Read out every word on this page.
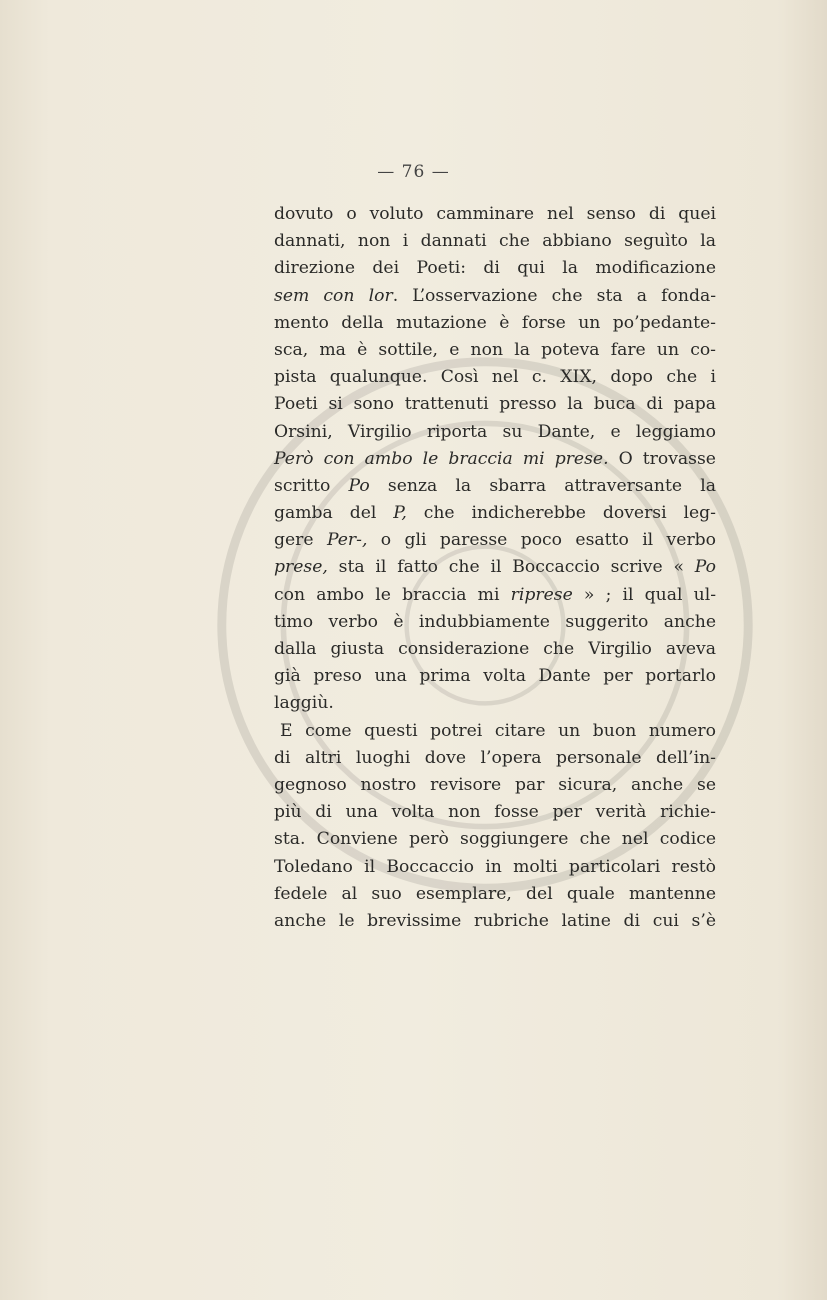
— 76 —
dovuto o voluto camminare nel senso di quei
dannati, non i dannati che abbiano seguìto la
direzione dei Poeti: di qui la modificazione
sem con lor. L’osservazione che sta a fonda-
mento della mutazione è forse un po’pedante-
sca, ma è sottile, e non la poteva fare un co-
pista qualunque. Così nel c. XIX, dopo che i
Poeti si sono trattenuti presso la buca di papa
Orsini, Virgilio riporta su Dante, e leggiamo
Però con ambo le braccia mi prese. O trovasse
scritto Po senza la sbarra attraversante la
gamba del P, che indicherebbe doversi leg-
gere Per-, o gli paresse poco esatto il verbo
prese, sta il fatto che il Boccaccio scrive « Po
con ambo le braccia mi riprese » ; il qual ul-
timo verbo è indubbiamente suggerito anche
dalla giusta considerazione che Virgilio aveva
già preso una prima volta Dante per portarlo
laggiù.
E come questi potrei citare un buon numero
di altri luoghi dove l’opera personale dell’in-
gegnoso nostro revisore par sicura, anche se
più di una volta non fosse per verità richie-
sta. Conviene però soggiungere che nel codice
Toledano il Boccaccio in molti particolari restò
fedele al suo esemplare, del quale mantenne
anche le brevissime rubriche latine di cui s’è
